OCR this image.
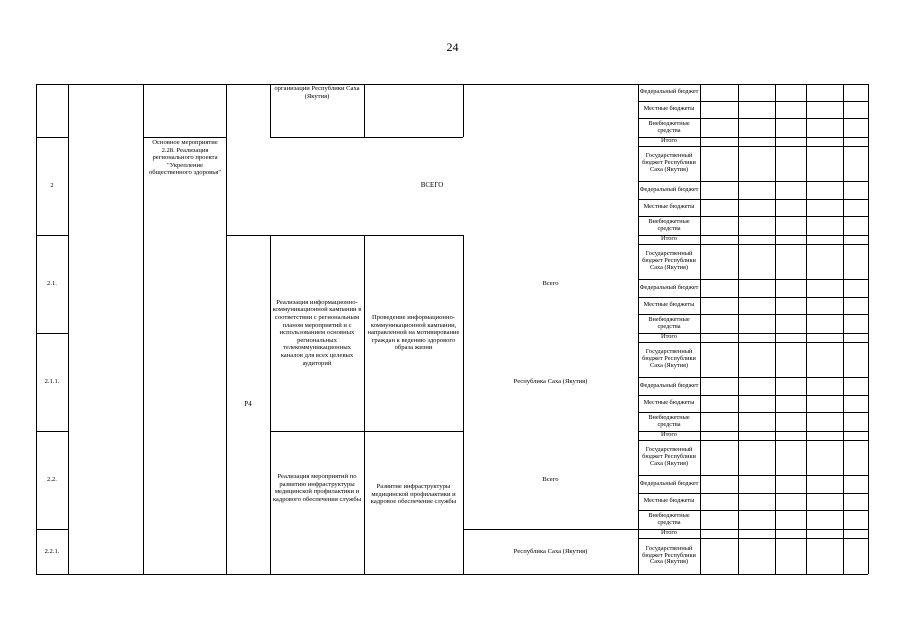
24
2
2.1.
2.1.1.
2.2.
2.2.1.
организации Республики Саха (Якутия)
Основное мероприятие 2.28. Реализация регионального проекта "Укрепление общественного здоровья"
ВСЕГО
Р4
Реализация информационно-коммуникационной кампании в соответствии с региональным планом мероприятий и с использованием основных региональных телекоммуникационных каналов для всех целевых аудиторий
Проведение информационно-коммуникационной кампании, направленной на мотивирование граждан к ведению здорового образа жизни
Реализация мероприятий по развитию инфраструктуры медицинской профилактики и кадрового обеспечения службы
Развитие инфраструктуры медицинской профилактики и кадровое обеспечение службы
Всего
Республика Саха (Якутия)
Всего
Республика Саха (Якутия)
Федеральный бюджет
Местные бюджеты
Внебюджетные средства
Итого
Государственный бюджет Республики Саха (Якутия)
Федеральный бюджет
Местные бюджеты
Внебюджетные средства
Итого
Государственный бюджет Республики Саха (Якутия)
Федеральный бюджет
Местные бюджеты
Внебюджетные средства
Итого
Государственный бюджет Республики Саха (Якутия)
Федеральный бюджет
Местные бюджеты
Внебюджетные средства
Итого
Государственный бюджет Республики Саха (Якутия)
Федеральный бюджет
Местные бюджеты
Внебюджетные средства
Итого
Государственный бюджет Республики Саха (Якутия)
